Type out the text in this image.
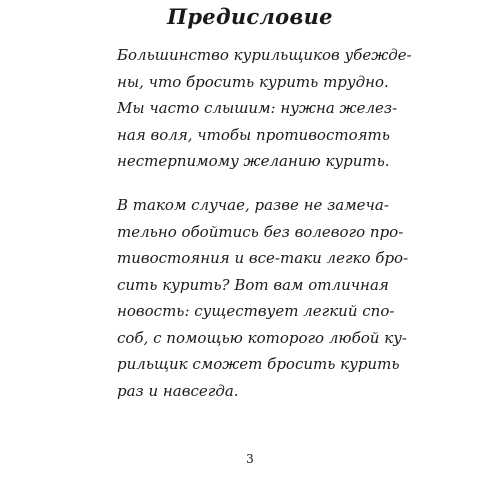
Предисловие
Большинство курильщиков убежде-
ны, что бросить курить трудно.
Мы часто слышим: нужна желез-
ная воля, чтобы противостоять
нестерпимому желанию курить.
В таком случае, разве не замеча-
тельно обойтись без волевого про-
тивостояния и все-таки легко бро-
сить курить? Вот вам отличная
новость: существует легкий спо-
соб, с помощью которого любой ку-
рильщик сможет бросить курить
раз и навсегда.
3
